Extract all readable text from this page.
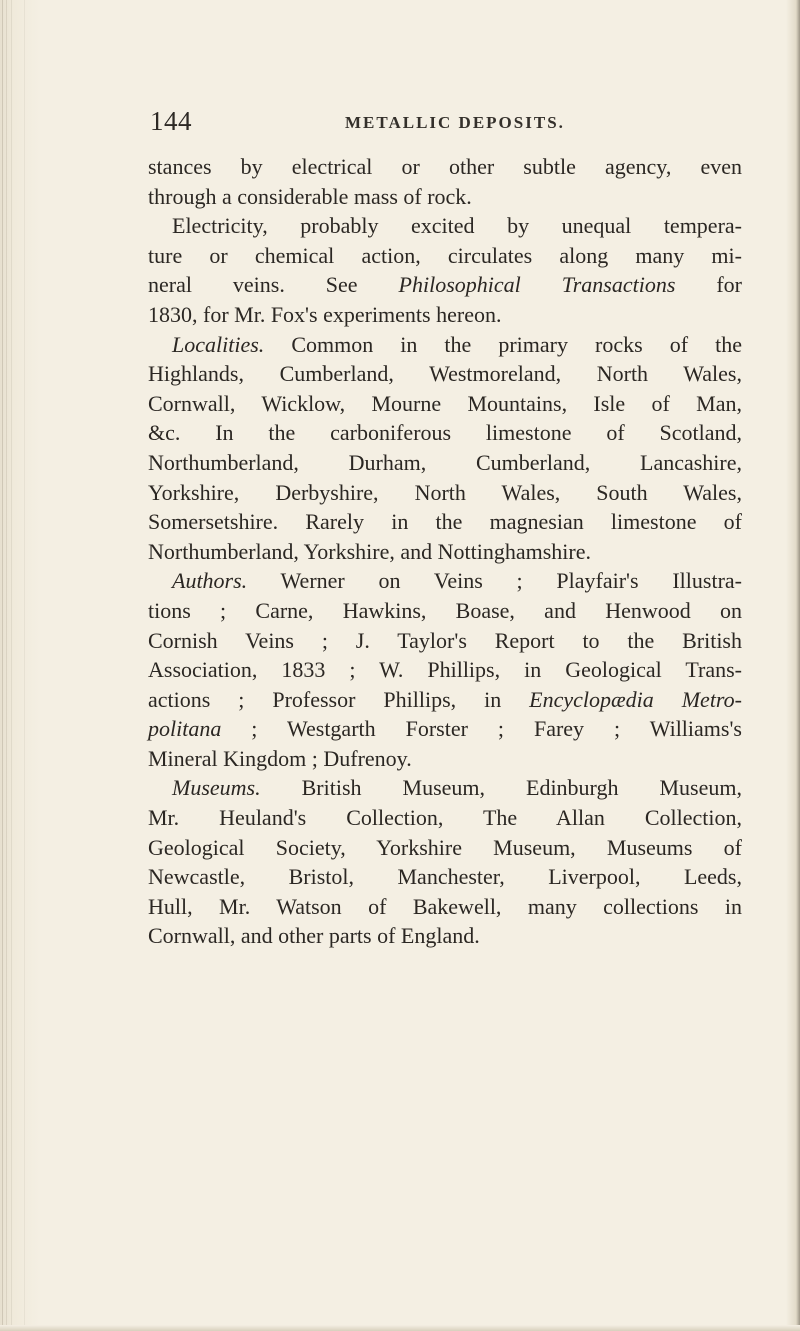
144	METALLIC DEPOSITS.
stances by electrical or other subtle agency, even
through a considerable mass of rock.
Electricity, probably excited by unequal tempera-
ture or chemical action, circulates along many mi-
neral veins. See Philosophical Transactions for
1830, for Mr. Fox's experiments hereon.
Localities. Common in the primary rocks of the
Highlands, Cumberland, Westmoreland, North Wales,
Cornwall, Wicklow, Mourne Mountains, Isle of Man,
&c. In the carboniferous limestone of Scotland,
Northumberland, Durham, Cumberland, Lancashire,
Yorkshire, Derbyshire, North Wales, South Wales,
Somersetshire. Rarely in the magnesian limestone of
Northumberland, Yorkshire, and Nottinghamshire.
Authors. Werner on Veins ; Playfair's Illustra-
tions ; Carne, Hawkins, Boase, and Henwood on
Cornish Veins ; J. Taylor's Report to the British
Association, 1833 ; W. Phillips, in Geological Trans-
actions ; Professor Phillips, in Encyclopædia Metro-
politana ; Westgarth Forster ; Farey ; Williams's
Mineral Kingdom ; Dufrenoy.
Museums. British Museum, Edinburgh Museum,
Mr. Heuland's Collection, The Allan Collection,
Geological Society, Yorkshire Museum, Museums of
Newcastle, Bristol, Manchester, Liverpool, Leeds,
Hull, Mr. Watson of Bakewell, many collections in
Cornwall, and other parts of England.
